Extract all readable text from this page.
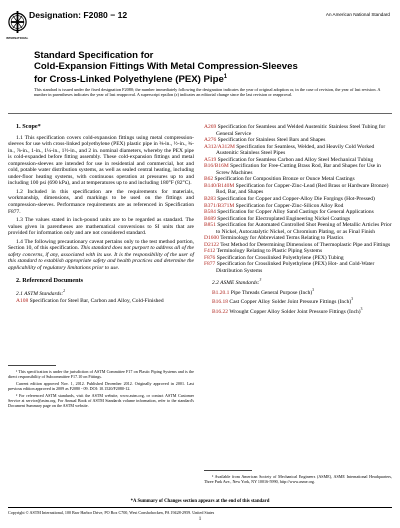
INTERNATIONAL
Designation: F2080 − 12	An American National Standard
Standard Specification for
Cold-Expansion Fittings With Metal Compression-Sleeves
for Cross-Linked Polyethylene (PEX) Pipe$^1$
This standard is issued under the fixed designation F2080; the number immediately following the designation indicates the year of original adoption or, in the case of revision, the year of last revision. A number in parentheses indicates the year of last reapproval. A superscript epsilon (ε) indicates an editorial change since the last revision or reapproval.
1. Scope*

1.1 This specification covers cold-expansion fittings using metal compression-sleeves for use with cross-linked polyethylene (PEX) plastic pipe in ⅜-in., ½-in., ¾-in., ⅞-in., 1-in., 1¼-in., 1½-in., and 2 in. nominal diameters, whereby the PEX pipe is cold-expanded before fitting assembly. These cold-expansion fittings and metal compression-sleeves are intended for use in residential and commercial, hot and cold, potable water distribution systems, as well as sealed central heating, including under-floor heating systems, with continuous operation at pressures up to and including 100 psi (690 kPa), and at temperatures up to and including 180°F (82°C).

1.2 Included in this specification are the requirements for materials, workmanship, dimensions, and markings to be used on the fittings and compression-sleeves. Performance requirements are as referenced in Specification F877.

1.3 The values stated in inch-pound units are to be regarded as standard. The values given in parentheses are mathematical conversions to SI units that are provided for information only and are not considered standard.

1.4 The following precautionary caveat pertains only to the test method portion, Section 10, of this specification. This standard does not purport to address all of the safety concerns, if any, associated with its use. It is the responsibility of the user of this standard to establish appropriate safety and health practices and determine the applicability of regulatory limitations prior to use.

2. Referenced Documents
2.1 ASTM Standards:$^2$
A108 Specification for Steel Bar, Carbon and Alloy, Cold-Finished
¹ This specification is under the jurisdiction of ASTM Committee F17 on Plastic Piping Systems and is the direct responsibility of Subcommittee F17.10 on Fittings.
Current edition approved Nov. 1, 2012. Published December 2012. Originally approved in 2001. Last previous edition approved in 2009 as F2080 - 09. DOI: 10.1520/F2080-12.
² For referenced ASTM standards, visit the ASTM website, www.astm.org, or contact ASTM Customer Service at service@astm.org. For Annual Book of ASTM Standards volume information, refer to the standard's Document Summary page on the ASTM website.
A269 Specification for Seamless and Welded Austenitic Stainless Steel Tubing for General Service
A276 Specification for Stainless Steel Bars and Shapes
A312/A312M Specification for Seamless, Welded, and Heavily Cold Worked Austenitic Stainless Steel Pipes
A519 Specification for Seamless Carbon and Alloy Steel Mechanical Tubing
B16/B16M Specification for Free-Cutting Brass Rod, Bar and Shapes for Use in Screw Machines
B62 Specification for Composition Bronze or Ounce Metal Castings
B140/B140M Specification for Copper-Zinc-Lead (Red Brass or Hardware Bronze) Rod, Bar, and Shapes
B283 Specification for Copper and Copper-Alloy Die Forgings (Hot-Pressed)
B371/B371M Specification for Copper-Zinc-Silicon Alloy Rod
B584 Specification for Copper Alloy Sand Castings for General Applications
B689 Specification for Electroplated Engineering Nickel Coatings
B851 Specification for Automated Controlled Shot Peening of Metallic Articles Prior to Nickel, Autocatalytic Nickel, or Chromium Plating, or as Final Finish
D1600 Terminology for Abbreviated Terms Relating to Plastics
D2122 Test Method for Determining Dimensions of Thermoplastic Pipe and Fittings
F412 Terminology Relating to Plastic Piping Systems
F876 Specification for Crosslinked Polyethylene (PEX) Tubing
F877 Specification for Crosslinked Polyethylene (PEX) Hot- and Cold-Water Distribution Systems
2.2 ASME Standards:$^3$
B1.20.1 Pipe Threads General Purpose (Inch)$^3$
B16.18 Cast Copper Alloy Solder Joint Pressure Fittings (Inch)$^3$
B16.22 Wrought Copper Alloy Solder Joint Pressure Fittings (Inch)$^3$
³ Available from American Society of Mechanical Engineers (ASME), ASME International Headquarters, Three Park Ave., New York, NY 10016-5990, http://www.asme.org.
*A Summary of Changes section appears at the end of this standard
Copyright © ASTM International, 100 Barr Harbor Drive, PO Box C700, West Conshohocken, PA 19428-2959. United States
1
